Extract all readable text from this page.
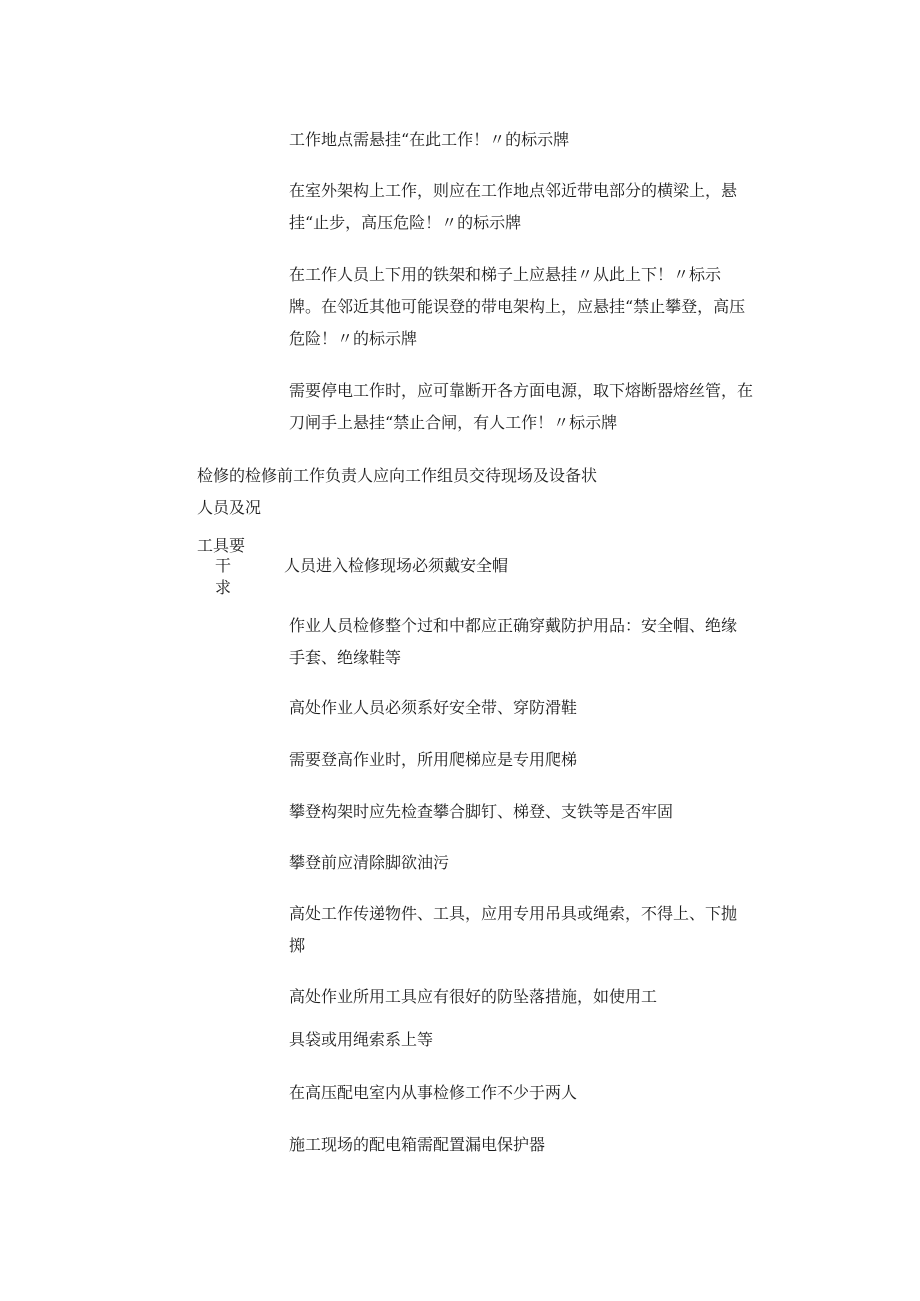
工作地点需悬挂“在此工作！〃的标示牌

在室外架构上工作，则应在工作地点邻近带电部分的横梁上，悬
挂“止步，高压危险！〃的标示牌
在工作人员上下用的铁架和梯子上应悬挂〃从此上下！〃标示
牌。在邻近其他可能误登的带电架构上，应悬挂“禁止攀登，高压
危险！〃的标示牌
需要停电工作时，应可靠断开各方面电源，取下熔断器熔丝管，在
刀闸手上悬挂“禁止合闸，有人工作！〃标示牌

检修的检修前工作负责人应向工作组员交待现场及设备状

人员及况

工具要

干

求

人员进入检修现场必须戴安全帽

作业人员检修整个过和中都应正确穿戴防护用品：安全帽、绝缘
手套、绝缘鞋等

高处作业人员必须系好安全带、穿防滑鞋

需要登高作业时，所用爬梯应是专用爬梯

攀登构架时应先检查攀合脚钉、梯登、支铁等是否牢固

攀登前应清除脚欲油污

高处工作传递物件、工具，应用专用吊具或绳索，不得上、下抛
掷

高处作业所用工具应有很好的防坠落措施，如使用工

具袋或用绳索系上等

在高压配电室内从事检修工作不少于两人

施工现场的配电箱需配置漏电保护器
